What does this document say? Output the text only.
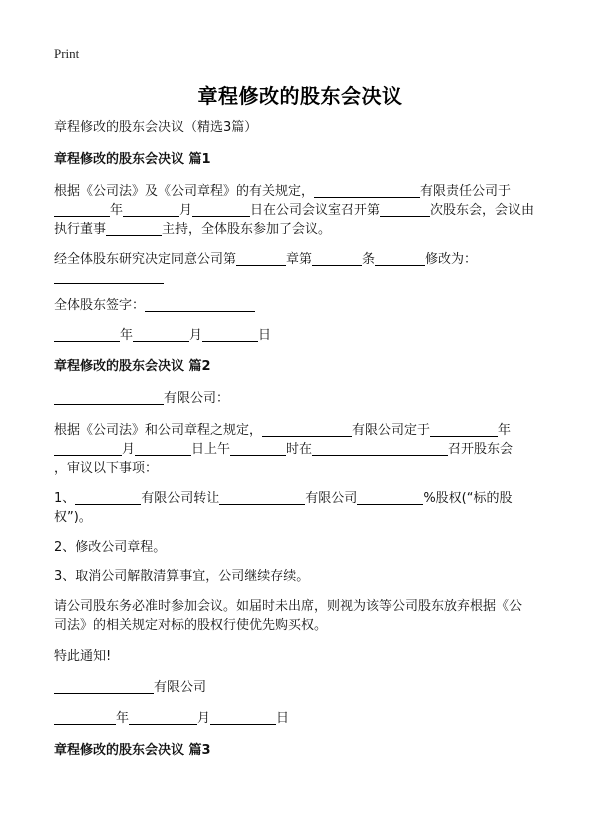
Print
章程修改的股东会决议
章程修改的股东会决议（精选3篇）
章程修改的股东会决议 篇1
根据《公司法》及《公司章程》的有关规定，	有限责任公司于
年	月	日在公司会议室召开第	次股东会，会议由
执行董事	主持，全体股东参加了会议。
经全体股东研究决定同意公司第	章第	条	修改为：
全体股东签字：
年	月	日
章程修改的股东会决议 篇2
有限公司：
根据《公司法》和公司章程之规定，	有限公司定于	年
月	日上午	时在	召开股东会
，审议以下事项：
1、	有限公司转让	有限公司	%股权(“标的股
权”)。
2、修改公司章程。
3、取消公司解散清算事宜，公司继续存续。
请公司股东务必准时参加会议。如届时未出席，则视为该等公司股东放弃根据《公
司法》的相关规定对标的股权行使优先购买权。
特此通知!
有限公司
年	月	日
章程修改的股东会决议 篇3
